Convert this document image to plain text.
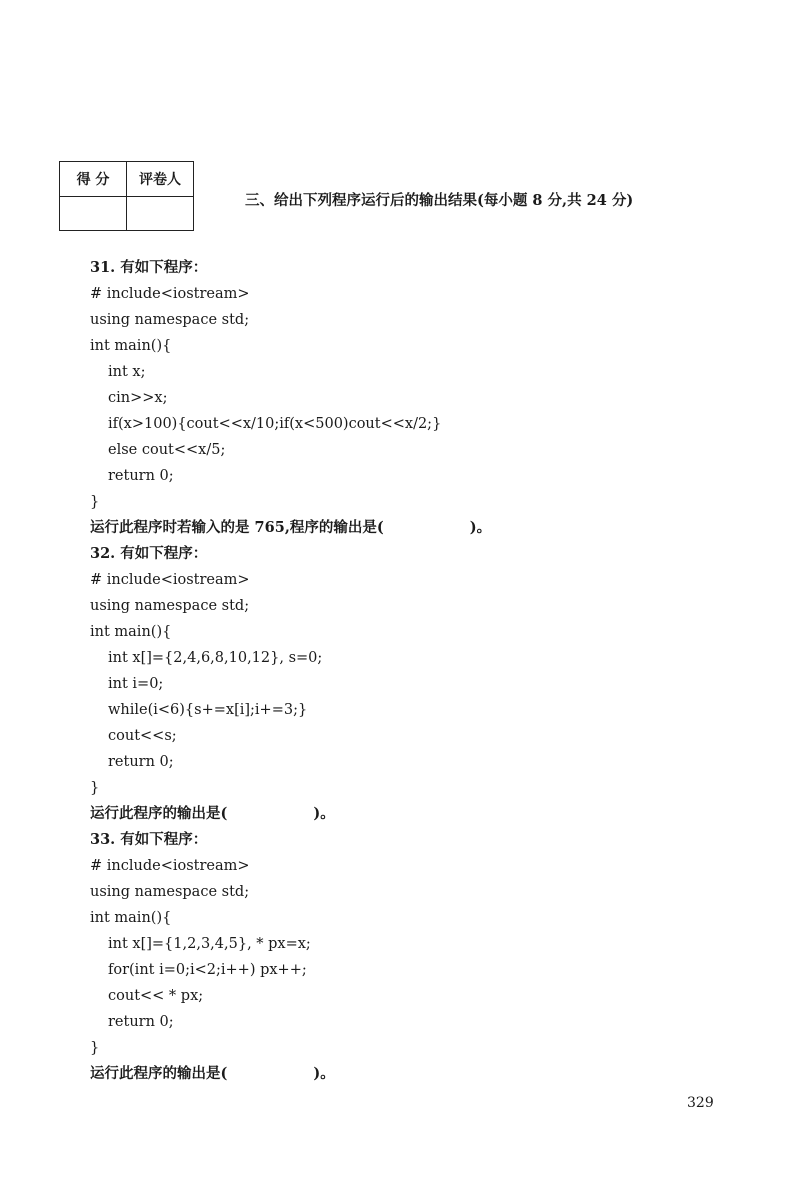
得 分	评卷人

三、给出下列程序运行后的输出结果(每小题 8 分,共 24 分)
31. 有如下程序：
# include<iostream>
using namespace std;
int main(){
int x;
cin>>x;
if(x>100){cout<<x/10;if(x<500)cout<<x/2;}
else cout<<x/5;
return 0;
}
运行此程序时若输入的是 765,程序的输出是(	)。
32. 有如下程序：
# include<iostream>
using namespace std;
int main(){
int x[]={2,4,6,8,10,12}, s=0;
int i=0;
while(i<6){s+=x[i];i+=3;}
cout<<s;
return 0;
}
运行此程序的输出是(	)。
33. 有如下程序：
# include<iostream>
using namespace std;
int main(){
int x[]={1,2,3,4,5}, * px=x;
for(int i=0;i<2;i++) px++;
cout<< * px;
return 0;
}
运行此程序的输出是(	)。
329
